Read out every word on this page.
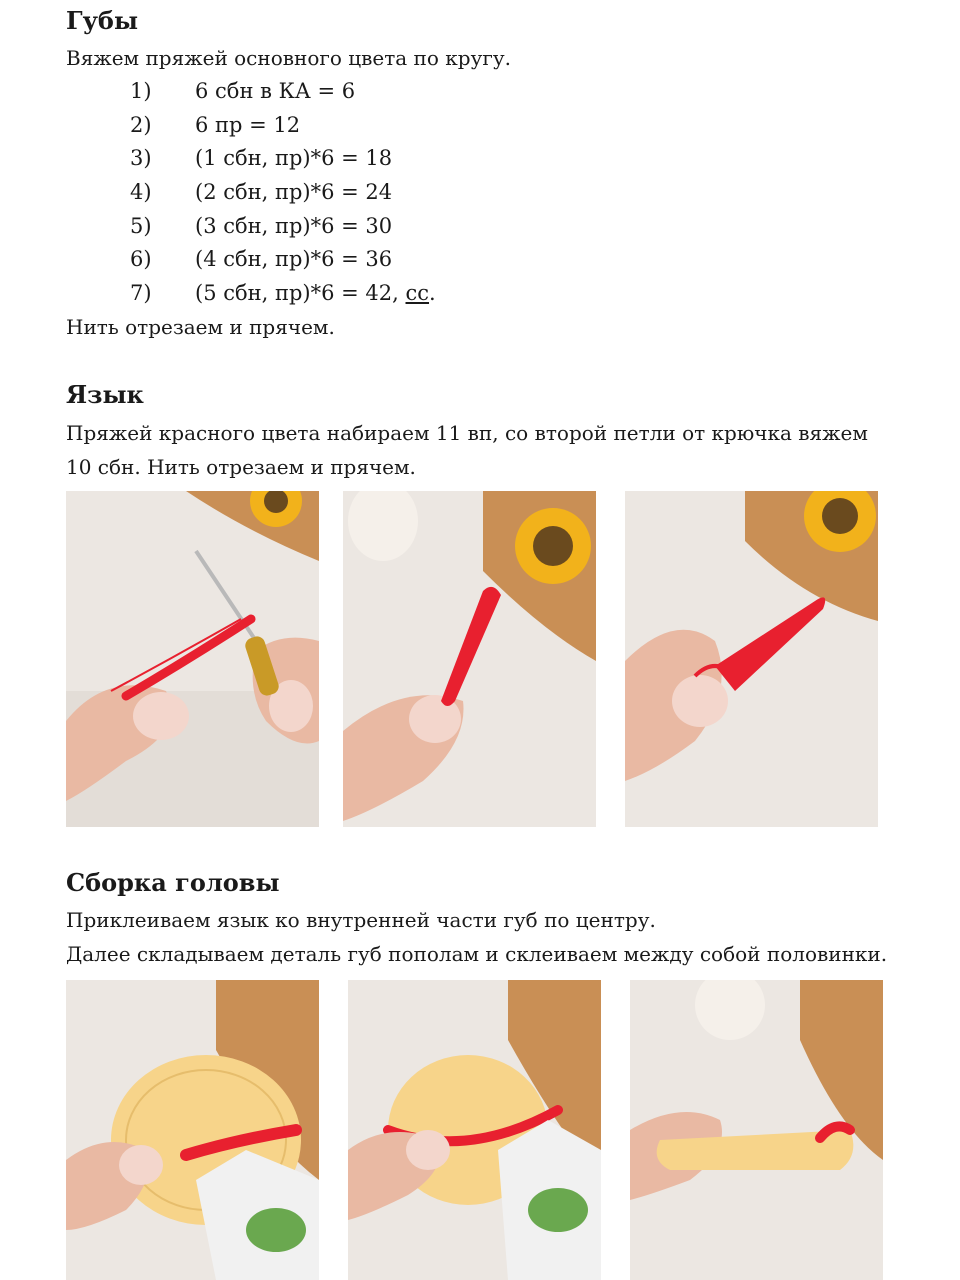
Губы

Вяжем пряжей основного цвета по кругу.

1) 6 сбн в КА = 6
2) 6 пр = 12
3) (1 сбн, пр)*6 = 18
4) (2 сбн, пр)*6 = 24
5) (3 сбн, пр)*6 = 30
6) (4 сбн, пр)*6 = 36
7) (5 сбн, пр)*6 = 42, сс.

Нить отрезаем и прячем.

Язык

Пряжей красного цвета набираем 11 вп, со второй петли от крючка вяжем

10 сбн. Нить отрезаем и прячем.

Сборка головы

Приклеиваем язык ко внутренней части губ по центру.

Далее складываем деталь губ пополам и склеиваем между собой половинки.
